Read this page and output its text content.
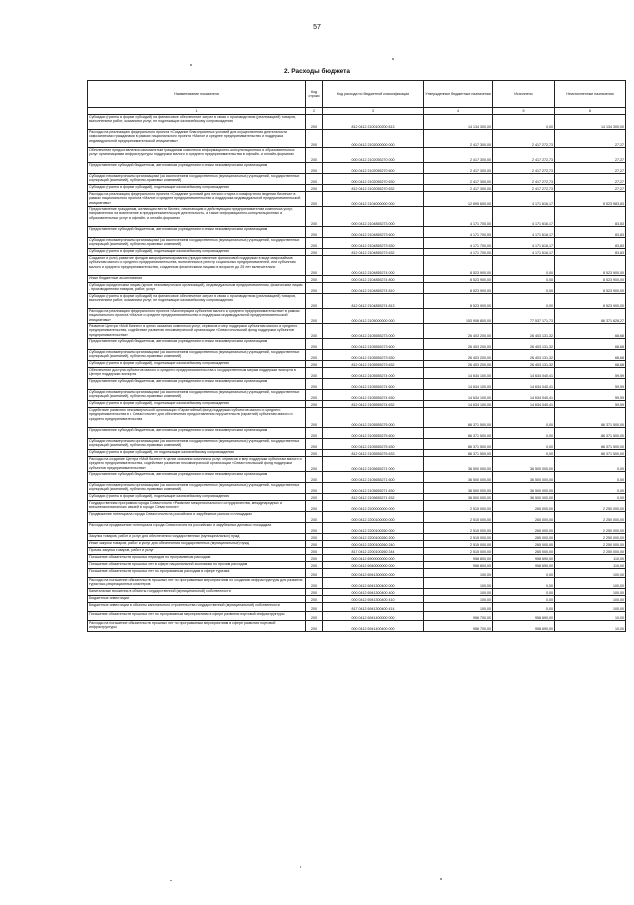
57
2. Расходы бюджета
Наименование показателя	Код строки	Код расхода по бюджетной классификации	Утвержденные бюджетные назначения	Исполнено	Неисполненные назначения
1	2	3	4	5	6
Субсидии (гранты в форме субсидий) на финансовое обеспечение затрат в связи с производством (реализацией) товаров, выполнением работ, оказанием услуг, не подлежащие казначейскому сопровождению	200	812 0412 2100100200 813	14 134 300,00	0,00	14 134 300,00
Расходы на реализацию федерального проекта «Создание благоприятных условий для осуществления деятельности самозанятыми гражданами в рамках национального проекта «Малое и среднее предпринимательство и поддержка индивидуальной предпринимательской инициативы»	200	000 0412 2102000000 000	2 417 300,00	2 417 272,73	27,27
Обеспечение предоставления самозанятым гражданам комплекса информационно-консультационных и образовательных услуг организациями инфраструктуры поддержки малого и среднего предпринимательства в офлайн- и онлайн-форматах	200	000 0412 2102055270 000	2 417 300,00	2 417 272,73	27,27
Предоставление субсидий бюджетным, автономным учреждениям и иным некоммерческим организациям	200	000 0412 2102055270 600	2 417 300,00	2 417 272,73	27,27
Субсидии некоммерческим организациям (за исключением государственных (муниципальных) учреждений, государственных корпораций (компаний), публично-правовых компаний)	200	000 0412 2102055270 630	2 417 300,00	2 417 272,73	27,27
Субсидии (гранты в форме субсидий), подлежащие казначейскому сопровождению	200	812 0412 2102055270 632	2 417 300,00	2 417 272,73	27,27
Расходы на реализацию федерального проекта «Создание условий для легкого старта и комфортного ведения бизнеса» в рамках национального проекта «Малое и среднее предпринимательство и поддержка индивидуальной предпринимательской инициативы»	200	000 0412 2104000000 000	12 695 600,00	4 171 616,17	8 523 983,83
Предоставление гражданам, желающим вести бизнес, начинающим и действующим предпринимателям комплекса услуг, направленных на вовлечение в предпринимательскую деятельность, а также информационно-консультационных и образовательных услуг в офлайн- и онлайн-форматах	200	000 0412 2104855273 000	4 171 700,00	4 171 616,17	83,83
Предоставление субсидий бюджетным, автономным учреждениям и иным некоммерческим организациям	200	000 0412 2104855273 600	4 171 700,00	4 171 616,17	83,83
Субсидии некоммерческим организациям (за исключением государственных (муниципальных) учреждений, государственных корпораций (компаний), публично-правовых компаний)	200	000 0412 2104855273 630	4 171 700,00	4 171 616,17	83,83
Субсидии (гранты в форме субсидий), подлежащие казначейскому сопровождению	200	812 0412 2104855273 632	4 171 700,00	4 171 616,17	83,83
Создание и (или) развитие фондов микрофинансирования (предоставление финансовой поддержки в виде микрозаймов субъектам малого и среднего предпринимательства, включенным в реестр социальных предпринимателей, или субъектам малого и среднего предпринимательства, созданным физическими лицами в возрасте до 25 лет включительно	200	000 0412 2104855274 000	8 523 900,00	0,00	8 523 900,00
Иные бюджетные ассигнования	200	000 0412 2104855274 800	8 523 900,00	0,00	8 523 900,00
Субсидии юридическим лицам (кроме некоммерческих организаций), индивидуальным предпринимателям, физическим лицам - производителям товаров, работ, услуг	200	000 0412 2104855274 810	8 523 900,00	0,00	8 523 900,00
Субсидии (гранты в форме субсидий) на финансовое обеспечение затрат в связи с производством (реализацией) товаров, выполнением работ, оказанием услуг, не подлежащие казначейскому сопровождению	200	812 0412 2104855274 813	8 523 900,00	0,00	8 523 900,00
Расходы на реализацию федерального проекта «Акселерация субъектов малого и среднего предпринимательства» в рамках национального проекта «Малое и среднее предпринимательство и поддержка индивидуальной предпринимательской инициативы»	200	000 0412 2105000000 000	153 908 800,00	77 537 171,73	86 371 628,27
Развитие Центра «Мой бизнес» в целях оказания комплекса услуг, сервисов и мер поддержки субъектам малого и среднего предпринимательства, содействие развитию некоммерческой организации «Севастопольский фонд поддержки субъектов предпринимательства»	200	000 0412 2105555273 000	26 403 200,00	26 403 131,32	68,68
Предоставление субсидий бюджетным, автономным учреждениям и иным некоммерческим организациям	200	000 0412 2105555273 600	26 403 200,00	26 403 131,32	68,68
Субсидии некоммерческим организациям (за исключением государственных (муниципальных) учреждений, государственных корпораций (компаний), публично-правовых компаний)	200	000 0412 2105555273 630	26 403 200,00	26 403 131,32	68,68
Субсидии (гранты в форме субсидий), подлежащие казначейскому сопровождению	200	812 0412 2105555273 632	26 403 200,00	26 403 131,32	68,68
Обеспечение доступа субъектов малого и среднего предпринимательства к государственным мерам поддержки экспорта в Центре поддержки экспорта	200	000 0412 2105555274 000	14 634 100,00	14 634 040,41	59,59
Предоставление субсидий бюджетным, автономным учреждениям и иным некоммерческим организациям	200	000 0412 2105555274 600	14 634 100,00	14 634 040,41	59,59
Субсидии некоммерческим организациям (за исключением государственных (муниципальных) учреждений, государственных корпораций (компаний), публично-правовых компаний)	200	000 0412 2105555274 630	14 634 100,00	14 634 040,41	59,59
Субсидии (гранты в форме субсидий), подлежащие казначейскому сопровождению	200	812 0412 2105555274 632	14 634 100,00	14 634 040,41	59,59
Содействие развитию некоммерческой организации «Гарантийный фонд поддержки субъектов малого и среднего предпринимательства в г. Севастополе» для обеспечения предоставления поручительств (гарантий) субъектам малого и среднего предпринимательства	200	000 0412 2105555275 000	86 371 500,00	0,00	86 371 500,00
Предоставление субсидий бюджетным, автономным учреждениям и иным некоммерческим организациям	200	000 0412 2105555275 600	86 371 500,00	0,00	86 371 500,00
Субсидии некоммерческим организациям (за исключением государственных (муниципальных) учреждений, государственных корпораций (компаний), публично-правовых компаний)	200	000 0412 2105555275 630	86 371 500,00	0,00	86 371 500,00
Субсидии (гранты в форме субсидий), не подлежащие казначейскому сопровождению	200	812 0412 2105555275 633	86 371 500,00	0,00	86 371 500,00
Расходы на создание Центра «Мой бизнес» в целях оказания комплекса услуг, сервисов и мер поддержки субъектам малого и среднего предпринимательства, содействие развитию некоммерческой организации «Севастопольский фонд поддержки субъектов предпринимательства»	200	000 0412 2105655271 000	36 500 000,00	36 500 000,00	0,00
Предоставление субсидий бюджетным, автономным учреждениям и иным некоммерческим организациям	200	000 0412 2105655271 600	36 500 000,00	36 500 000,00	0,00
Субсидии некоммерческим организациям (за исключением государственных (муниципальных) учреждений, государственных корпораций (компаний), публично-правовых компаний)	200	000 0412 2105655271 630	36 500 000,00	36 500 000,00	0,00
Субсидии (гранты в форме субсидий), подлежащие казначейскому сопровождению	200	812 0412 2105655271 632	36 500 000,00	36 500 000,00	0,00
Государственная программа города Севастополя «Развитие межрегионального сотрудничества, международных и внешнеэкономических связей в городе Севастополе»	200	000 0412 2200000000 000	2 515 000,00	265 000,00	2 250 000,00
Продвижение потенциала города Севастополя на российских и зарубежных рынках и площадках	200	000 0412 2200100000 000	2 515 000,00	265 000,00	2 250 000,00
Расходы на продвижение потенциала города Севастополя на российских и зарубежных деловых площадках	200	000 0412 2200100260 000	2 515 000,00	265 000,00	2 250 000,00
Закупка товаров, работ и услуг для обеспечения государственных (муниципальных) нужд	200	000 0412 2200100260 200	2 515 000,00	265 000,00	2 250 000,00
Иные закупки товаров, работ и услуг для обеспечения государственных (муниципальных) нужд	200	000 0412 2200100260 240	2 515 000,00	265 000,00	2 250 000,00
Прочая закупка товаров, работ и услуг	200	817 0412 2200100260 244	2 515 000,00	265 000,00	2 250 000,00
Погашение обязательств прошлых периодов по программным расходам	200	000 0412 6900000000 000	958 800,00	958 690,00	110,00
Погашение обязательств прошлых лет в сфере национальной экономики по прочим расходам	200	000 0412 6940000000 000	958 800,00	958 690,00	110,00
Погашение обязательств прошлых лет по программным расходам в сфере туризма	200	000 0412 6941300000 000	100,00	0,00	100,00
Расходы на погашение обязательств прошлых лет по программным мероприятиям по созданию инфраструктуры для развития туристско-рекреационных кластеров	200	000 0412 6941300400 000	100,00	0,00	100,00
Капитальные вложения в объекты государственной (муниципальной) собственности	200	000 0412 6941300400 400	100,00	0,00	100,00
Бюджетные инвестиции	200	000 0412 6941300400 410	100,00	0,00	100,00
Бюджетные инвестиции в объекты капитального строительства государственной (муниципальной) собственности	200	817 0412 6941300400 414	100,00	0,00	100,00
Погашение обязательств прошлых лет по программным мероприятиям в сфере развития портовой инфраструктуры	200	000 0412 6941400000 000	958 700,00	958 690,00	10,00
Расходы на погашение обязательств прошлых лет по программным мероприятиям в сфере развития портовой инфраструктуры	200	000 0412 6941400400 000	958 700,00	958 690,00	10,00
